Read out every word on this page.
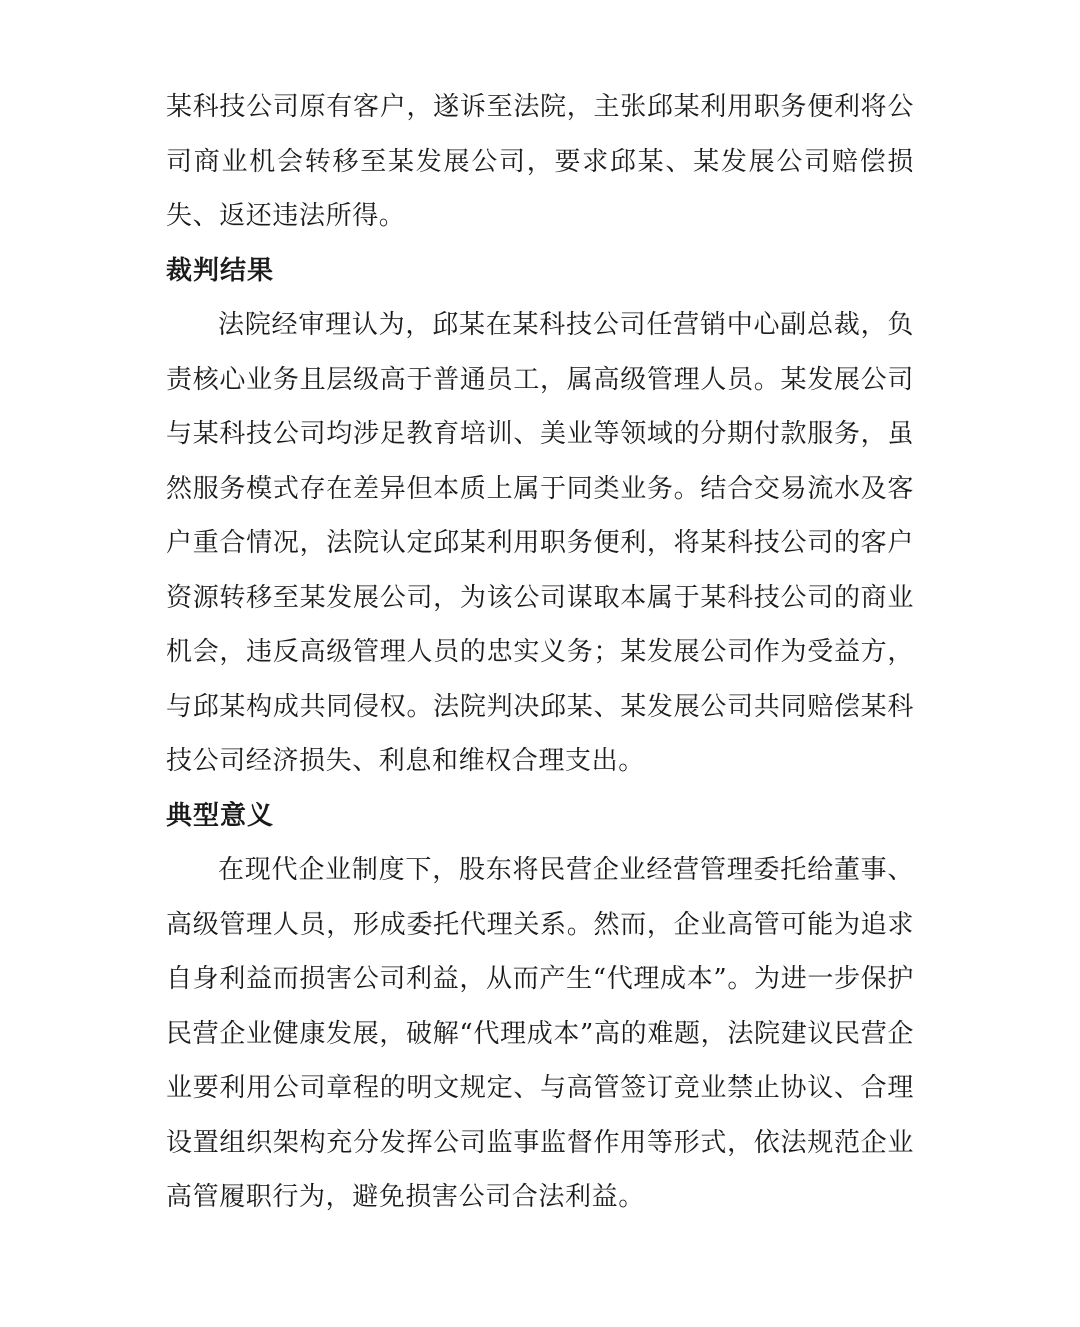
某科技公司原有客户，遂诉至法院，主张邱某利用职务便利将公司商业机会转移至某发展公司，要求邱某、某发展公司赔偿损失、返还违法所得。

裁判结果

法院经审理认为，邱某在某科技公司任营销中心副总裁，负责核心业务且层级高于普通员工，属高级管理人员。某发展公司与某科技公司均涉足教育培训、美业等领域的分期付款服务，虽然服务模式存在差异但本质上属于同类业务。结合交易流水及客户重合情况，法院认定邱某利用职务便利，将某科技公司的客户资源转移至某发展公司，为该公司谋取本属于某科技公司的商业机会，违反高级管理人员的忠实义务；某发展公司作为受益方，与邱某构成共同侵权。法院判决邱某、某发展公司共同赔偿某科技公司经济损失、利息和维权合理支出。

典型意义

在现代企业制度下，股东将民营企业经营管理委托给董事、高级管理人员，形成委托代理关系。然而，企业高管可能为追求自身利益而损害公司利益，从而产生“代理成本”。为进一步保护民营企业健康发展，破解“代理成本”高的难题，法院建议民营企业要利用公司章程的明文规定、与高管签订竞业禁止协议、合理设置组织架构充分发挥公司监事监督作用等形式，依法规范企业高管履职行为，避免损害公司合法利益。
